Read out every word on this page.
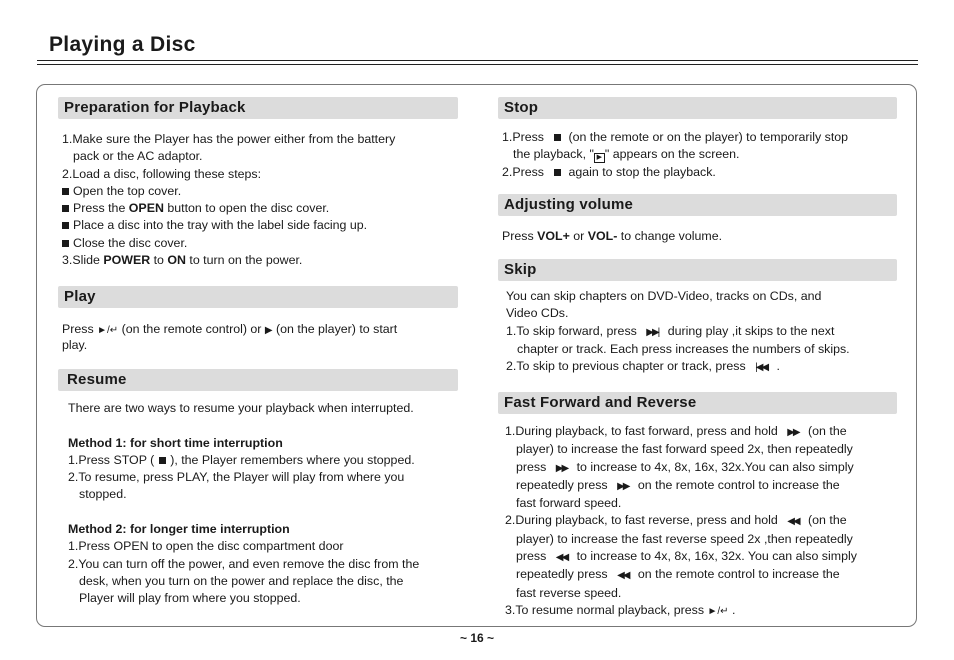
Playing a Disc
Preparation for Playback
1.Make sure the Player has the power either from the battery
pack or the AC adaptor.
2.Load a disc, following these steps:
Open the top cover.
Press the OPEN button to open the disc cover.
Place a disc into the tray with the label side facing up.
Close the disc cover.
3.Slide POWER to ON to turn on the power.
Play
Press ►/↵ (on the remote control) or ▶ (on the player) to start
play.
Resume
There are two ways to resume your playback when interrupted.
Method 1: for short time interruption
1.Press STOP (  ), the Player remembers where you stopped.
2.To resume, press PLAY, the Player will play from where you
stopped.
Method 2: for longer time interruption
1.Press OPEN to open the disc compartment door
2.You can turn off the power, and even remove the disc from the
desk, when you turn on the power and replace the disc, the
Player will play from where you stopped.
Stop
1.Press (on the remote or on the player) to temporarily stop
the playback, " ▶ " appears on the screen.
2.Press again to stop the playback.
Adjusting volume
Press VOL+ or VOL- to change volume.
Skip
You can skip chapters on DVD-Video, tracks on CDs, and
Video CDs.
1.To skip forward, press ▶▶| during play ,it skips to the next
chapter or track. Each press increases the numbers of skips.
2.To skip to previous chapter or track, press |◀◀ .
Fast Forward and Reverse
1.During playback, to fast forward, press and hold ▶▶ (on the
player) to increase the fast forward speed 2x, then repeatedly
press ▶▶ to increase to 4x, 8x, 16x, 32x.You can also simply
repeatedly press ▶▶ on the remote control to increase the
fast forward speed.
2.During playback, to fast reverse, press and hold ◀◀ (on the
player) to increase the fast reverse speed 2x ,then repeatedly
press ◀◀ to increase to 4x, 8x, 16x, 32x. You can also simply
repeatedly press ◀◀ on the remote control to increase the
fast reverse speed.
3.To resume normal playback, press ►/↵ .
~ 16 ~
